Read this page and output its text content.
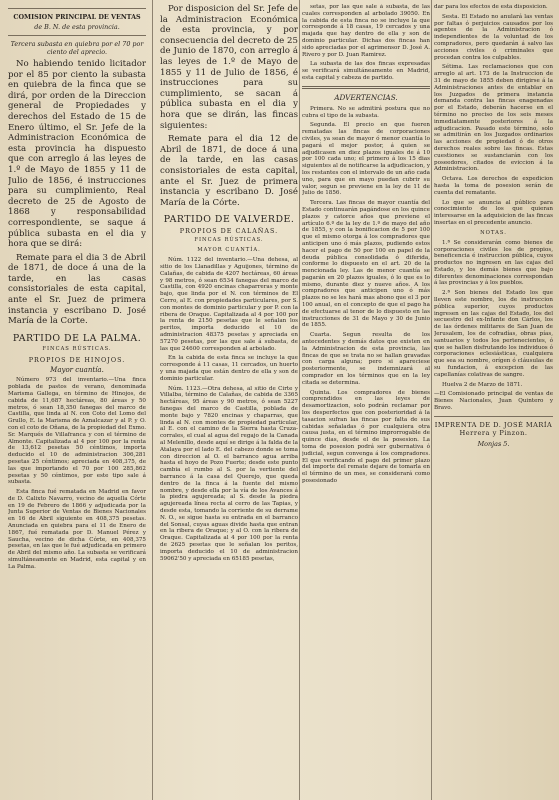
COMISION PRINCIPAL DE VENTAS

de B. N. de esta provincia.

Tercera subasta en quiebra por el 70 por ciento del aprecio.

No habiendo tenido licitador por el 85 por ciento la subasta en quiebra de la finca que se dirá, por orden de la Direccion general de Propiedades y derechos del Estado de 15 de Enero último, el Sr. Jefe de la Administracion Económica de esta provincia ha dispuesto que con arreglo á las leyes de 1.º de Mayo de 1855 y 11 de Julio de 1856, é instrucciones para su cumplimiento, Real decreto de 25 de Agosto de 1868 y responsabilidad correspondiente, se saque á pública subasta en el dia y hora que se dirá:

Remate para el dia 3 de Abril de 1871, de doce á una de la tarde, en las casas consistoriales de esta capital, ante el Sr. Juez de primera instancia y escribano D. José María de la Corte.

PARTIDO DE LA PALMA.

FINCAS RÚSTICAS.

PROPIOS DE HINOJOS.

Mayor cuantía.

Número 973 del inventario.—Una finca poblada de pastos de verano, denominada Marisma Gallega, en término de Hinojos, de cabida de 11,687 hectáreas, 80 áreas y 50 metros, ó sean 18,350 fanegas del marco de Castilla, que linda al N. con Coto del Lomo del Grullo, E. la Marisma de Aznalcazar y al P. y O. con el coto de Oñana, de la propiedad del Exmo. Sr. Marqués de Villafranca y con el término de Almonte. Capitalizada al 4 por 100 por la renta de 13,612 pesetas 50 céntimos, importa deducido el 10 de administracion 306,281 pesetas 25 céntimos; apreciada en 408,375, de las que importando el 70 por 100 285,862 pesetas y 50 céntimos, por este tipo sale á subasta.

Esta finca fué rematada en Madrid en favor de D. Calixto Navarro, vecino de aquella Córte en 19 de Febrero de 1866 y adjudicada por la Junta Superior de Ventas de Bienes Nacionales en 16 de Abril siguiente en 408,375 pesetas. Anunciada en quiebra para el 11 de Enero de 1867, fué rematada por D. Manuel Pérez y Saucha, vecino de dicha Córte, en 408,375 pesetas, en las que le fué adjudicada en primero de Abril del mismo año. La subasta se verificará simultáneamente en Madrid, esta capital y en La Palma.

Por disposicion del Sr. Jefe de la Administracion Económica de esta provincia, y por consecuencia del decreto de 25 de Junio de 1870, con arreglo á las leyes de 1.º de Mayo de 1855 y 11 de Julio de 1856, é instrucciones para su cumplimiento, se sacan á pública subasta en el dia y hora que se dirán, las fincas siguientes:

Remate para el dia 12 de Abril de 1871, de doce á una de la tarde, en las casas consistoriales de esta capital, ante el Sr. Juez de primera instancia y escribano D. José María de la Córte.

PARTIDO DE VALVERDE.

PROPIOS DE CALAÑAS.

FINCAS RÚSTICAS.

MAYOR CUANTÍA.

Núm. 1122 del inventario.—Una dehesa, al sitio de los Llanadillas y Aguijones, término de Calañas, de cabida de 4207 hectáreas, 60 áreas y 98 metros, ó sean 6534 fanegas del marco de Castilla, con 4920 encinas chaparreras y monte bajo, que linda por el N. con términos de El Cerro, al E. con propiedades particulares, por S. con montes de dominio particular y por P. con la ribera de Oraque. Capitalizada al 4 por 100 por la renta de 2150 pesetas que le señalan los peritos, importa deducido el 10 de administracion 48375 pesetas y apreciada en 57270 pesetas, por las que sale á subasta, de las que 24600 corresponden al arbolado.

En la cabida de esta finca se incluye la que corresponde á 11 casas, 11 cercados, un huerto y una majada que están dentro de ella y son de dominio particular.

Núm. 1123.—Otra dehesa, al sitio de Cirte y Villalba, término de Calañas, de cabida de 3365 hectáreas, 95 áreas y 90 metros, ó sean 5227 fanegas del marco de Castilla, poblada de monte bajo y 7820 encinas y chaparras, que linda al N. con montes de propiedad particular, al E. con el camino de la Sierra hasta Cruza-corrales, el cual al agua del regajo de la Canada al Melenillo, desde aquí se dirige á la falda de la Atalaya por el lado E. del cabezo donde se toma con direccion al O. el barranco agua arriba hasta el hoyo de Pozo Fuerte; desde este punto cambia el rumbo al S. por la vertiente del barranco á la casa del Querejo, que queda dentro de la finca á la fuente del mismo nombre, y desde ella por la vía de los Avances á la piedra agujereada; al S. desde la piedra agujereada línea recta al cerro de las Tapias, y desde esta, tomando la corriente de su derrame N. O., se sigue hasta su entrada en el barranco del Sonsal, cuyas aguas divide hasta que entran en la ribera de Oraque; y al O. con la ribera de Oraque. Capitalizada al 4 por 100 por la renta de 2625 pesetas que le señalan los peritos, importa deducido el 10 de administracion 59062'50 y apreciada en 65185 pesetas,

setas, por las que sale á subasta, de las cuales corresponden al arbolado 39050. En la cabida de esta finca no se incluye la que corresponde á 18 casas, 19 cercados y una majada que hay dentro de ella y son de dominio particular. Dichas dos fincas han sido apreciadas por el agrimensor D. José A. Rivero y por D. Juan Ramirez.

La subasta de las dos fincas expresadas se verificará simultáneamente en Madrid, esta capital y cabeza de partido.

ADVERTENCIAS.

Primera. No se admitirá postura que no cubra el tipo de la subasta.

Segunda. El precio en que fueren rematadas las fincas de corporaciones civiles, ya sean de mayor ó menor cuantía lo pagará el mejor postor, á quien se adjudicasen en diez plazos iguales de á 10 por 100 cada uno; el primero á los 15 dias siguientes al de notificarse la adjudicacion, y los restantes con el intervalo de un año cada uno, para que en mayo puedan cubrir su valor, segun se previene en la ley de 11 de Julio de 1856.

Tercera. Las fincas de mayor cuantía del Estado continuarán pagándose en los quince plazos y catorce años que previene el artículo 6.º de la ley de 1.º de mayo del año de 1855, y con la bonificacion de 5 por 100 que el mismo otorga á los compradores que anticipen uno ó más plazos, pudiendo estos hacer el pago de 50 por 100 en papel de la deuda pública consolidada ó diferida, conforme lo dispuesto en el art. 20 de la mencionada ley. Las de menor cuantía se pagarán en 20 plazos iguales, ó lo que es lo mismo, durante diez y nueve años. A los compradores que anticipen uno ó más plazos no se les hará mas abono que el 3 por 100 anual, en el concepto de que el pago ha de efectuarse al tenor de lo dispuesto en las instrucciones de 31 de Mayo y 30 de Junio de 1855.

Cuarta. Segun resulta de los antecedentes y demás datos que existen en la Administracion de esta provincia, las fincas de que se trata no se hallan gravadas con carga alguna; pero si apareciese posteriormente, se indemnizará al comprador en los términos que en la ley citada se determina.

Quinta. Los compradores de bienes comprendidos en las leyes de desamortizacion, solo podrán reclamar por los desperfectos que con posterioridad á la tasacion sufran las fincas por falta de sus cabidas señaladas ó por cualquiera otra causa justa, en el término improrrogable de quince dias, desde el de la posesion. La toma de posesion podrá ser gubernativa ó judicial, segun convenga á los compradores. El que verificando el pago del primer plazo del importe del remate dejare de tomarla en el término de un mes, se considerará como posesionado

dar para los efectos de esta disposicion.

Sesta. El Estado no anulará las ventas por faltas ó perjuicios causados por los agentes de la Administracion ó independientes de la voluntad de los compradores, pero quedarán á salvo las acciones civiles ó criminales que procedan contra los culpables.

Sétima. Las reclamaciones que con arreglo al art. 173 de la Instruccion de 31 de mayo de 1855 deben dirigirse á la Administraciones antes de entablar en los Juzgados de primera instancia demanda contra las fincas enagenadas por el Estado, deberán hacerse en el término no preciso de los seis meses inmediatamente posteriores á la adjudicacion. Pasado este término, solo se admitirán en los Juzgados ordinarios las acciones de propiedad ó de otros derechos reales sobre las fincas. Estas cuestiones se sustanciarán con los poseedores, citados de eviccion á la Administracion.

Octava. Los derechos de expedicion hasta la toma de posesion serán de cuenta del rematante.

Lo que se anuncia al público para conocimiento de los que quieran interesarse en la adquisicion de las fincas insertas en el precedente anuncio.

NOTAS.

1.ª Se considerarán como bienes de corporaciones civiles los de propios, beneficencia é instruccion pública, cuyos productos no ingresen en las cajas del Estado, y los demás bienes que bajo diferentes denominaciones correspondan á las provincias y á los pueblos.

2.ª Son bienes del Estado los que lleven este nombre, los de instruccion pública superior, cuyos productos ingresen en las cajas del Estado, los del secuestro del ex-Infante don Cárlos, los de las órdenes militares de San Juan de Jerusalem, los de cofradías, obras pías, santuarios y todos los pertenecientes, ó que se hallen disfrutando los individuos ó corporaciones eclesiásticas, cualquiera que sea su nombre, orígen ó cláusulas de su fundacion, á excepcion de las capellanías colativas de sangre.

Huelva 2 de Marzo de 1871.

—El Comisionado principal de ventas de Bienes Nacionales, Juan Quintero y Bravo.

IMPRENTA DE D. JOSÉ MARÍA Herrera y Pinzon.

Monjas 5.
